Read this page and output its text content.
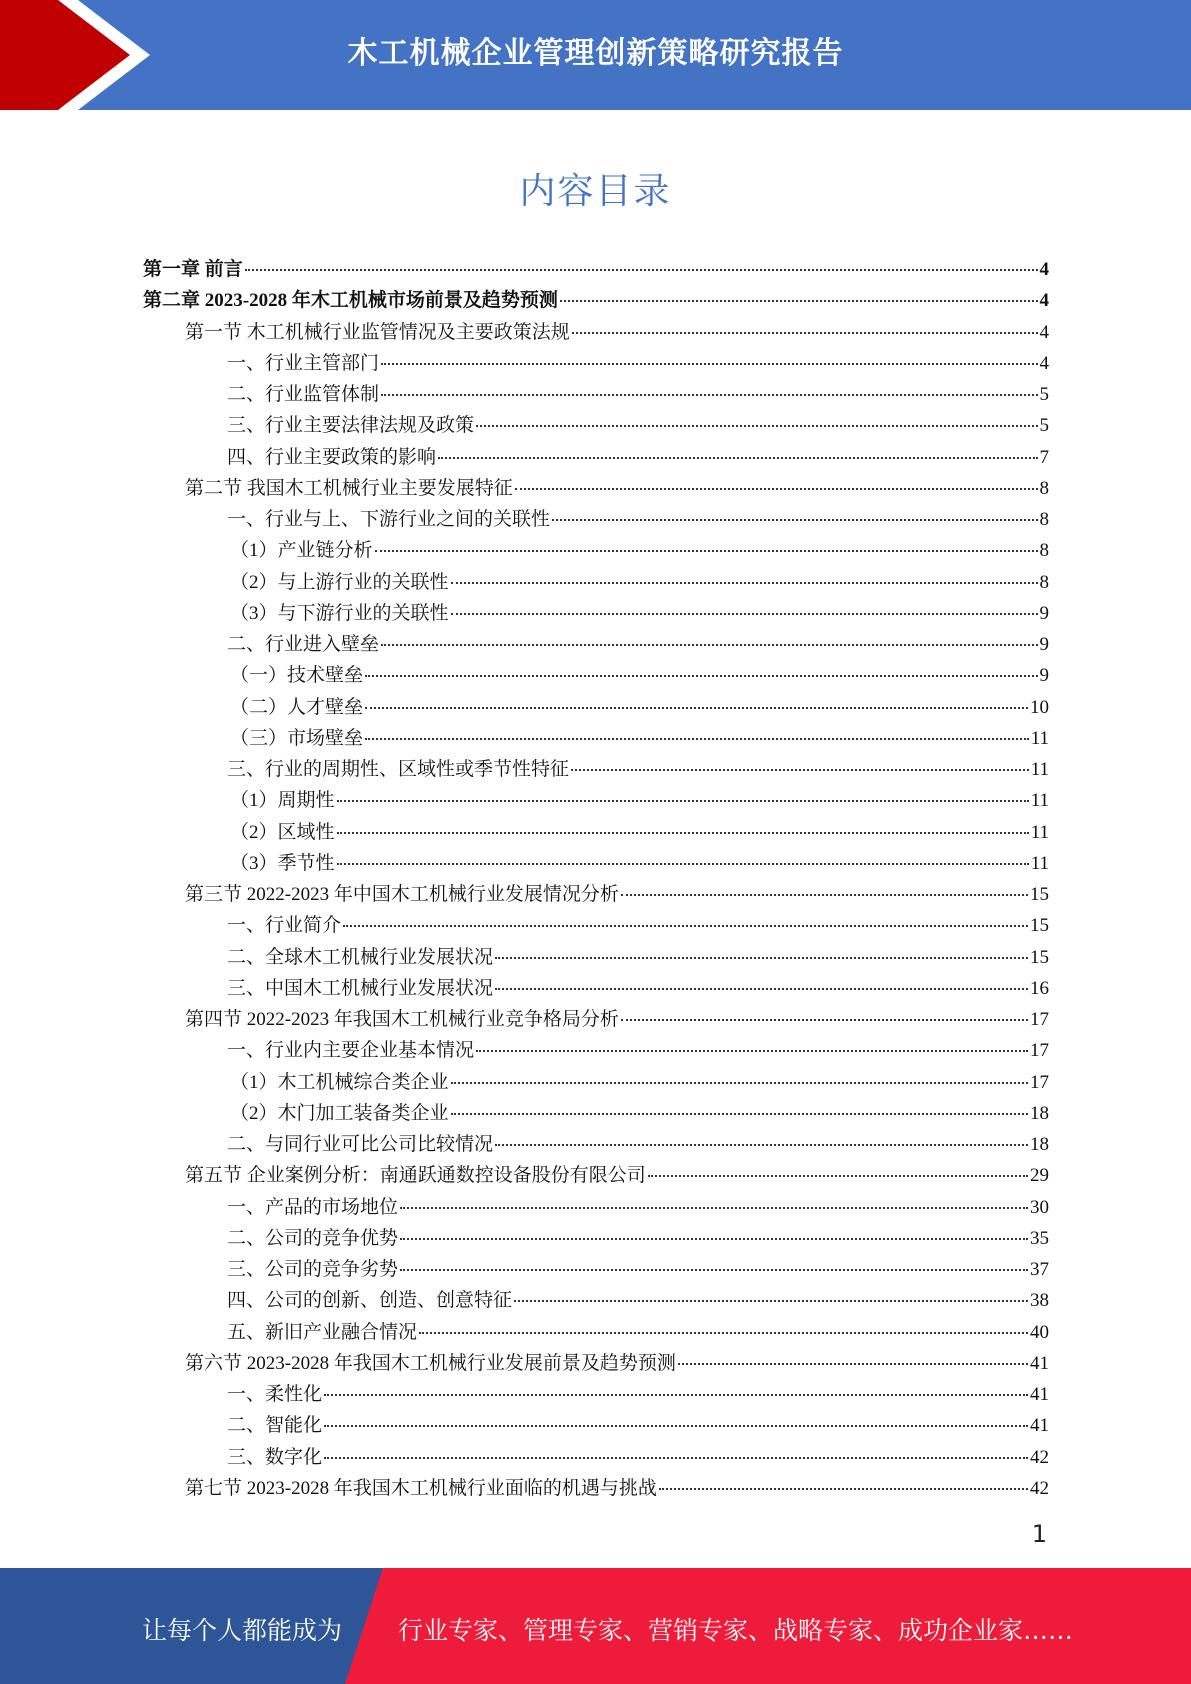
木工机械企业管理创新策略研究报告
内容目录
第一章 前言	4
第二章 2023-2028 年木工机械市场前景及趋势预测	4
第一节 木工机械行业监管情况及主要政策法规	4
一、行业主管部门	4
二、行业监管体制	5
三、行业主要法律法规及政策	5
四、行业主要政策的影响	7
第二节 我国木工机械行业主要发展特征	8
一、行业与上、下游行业之间的关联性	8
（1）产业链分析	8
（2）与上游行业的关联性	8
（3）与下游行业的关联性	9
二、行业进入壁垒	9
（一）技术壁垒	9
（二）人才壁垒	10
（三）市场壁垒	11
三、行业的周期性、区域性或季节性特征	11
（1）周期性	11
（2）区域性	11
（3）季节性	11
第三节 2022-2023 年中国木工机械行业发展情况分析	15
一、行业简介	15
二、全球木工机械行业发展状况	15
三、中国木工机械行业发展状况	16
第四节 2022-2023 年我国木工机械行业竞争格局分析	17
一、行业内主要企业基本情况	17
（1）木工机械综合类企业	17
（2）木门加工装备类企业	18
二、与同行业可比公司比较情况	18
第五节 企业案例分析：南通跃通数控设备股份有限公司	29
一、产品的市场地位	30
二、公司的竞争优势	35
三、公司的竞争劣势	37
四、公司的创新、创造、创意特征	38
五、新旧产业融合情况	40
第六节 2023-2028 年我国木工机械行业发展前景及趋势预测	41
一、柔性化	41
二、智能化	41
三、数字化	42
第七节 2023-2028 年我国木工机械行业面临的机遇与挑战	42
1
让每个人都能成为 行业专家、管理专家、营销专家、战略专家、成功企业家……
